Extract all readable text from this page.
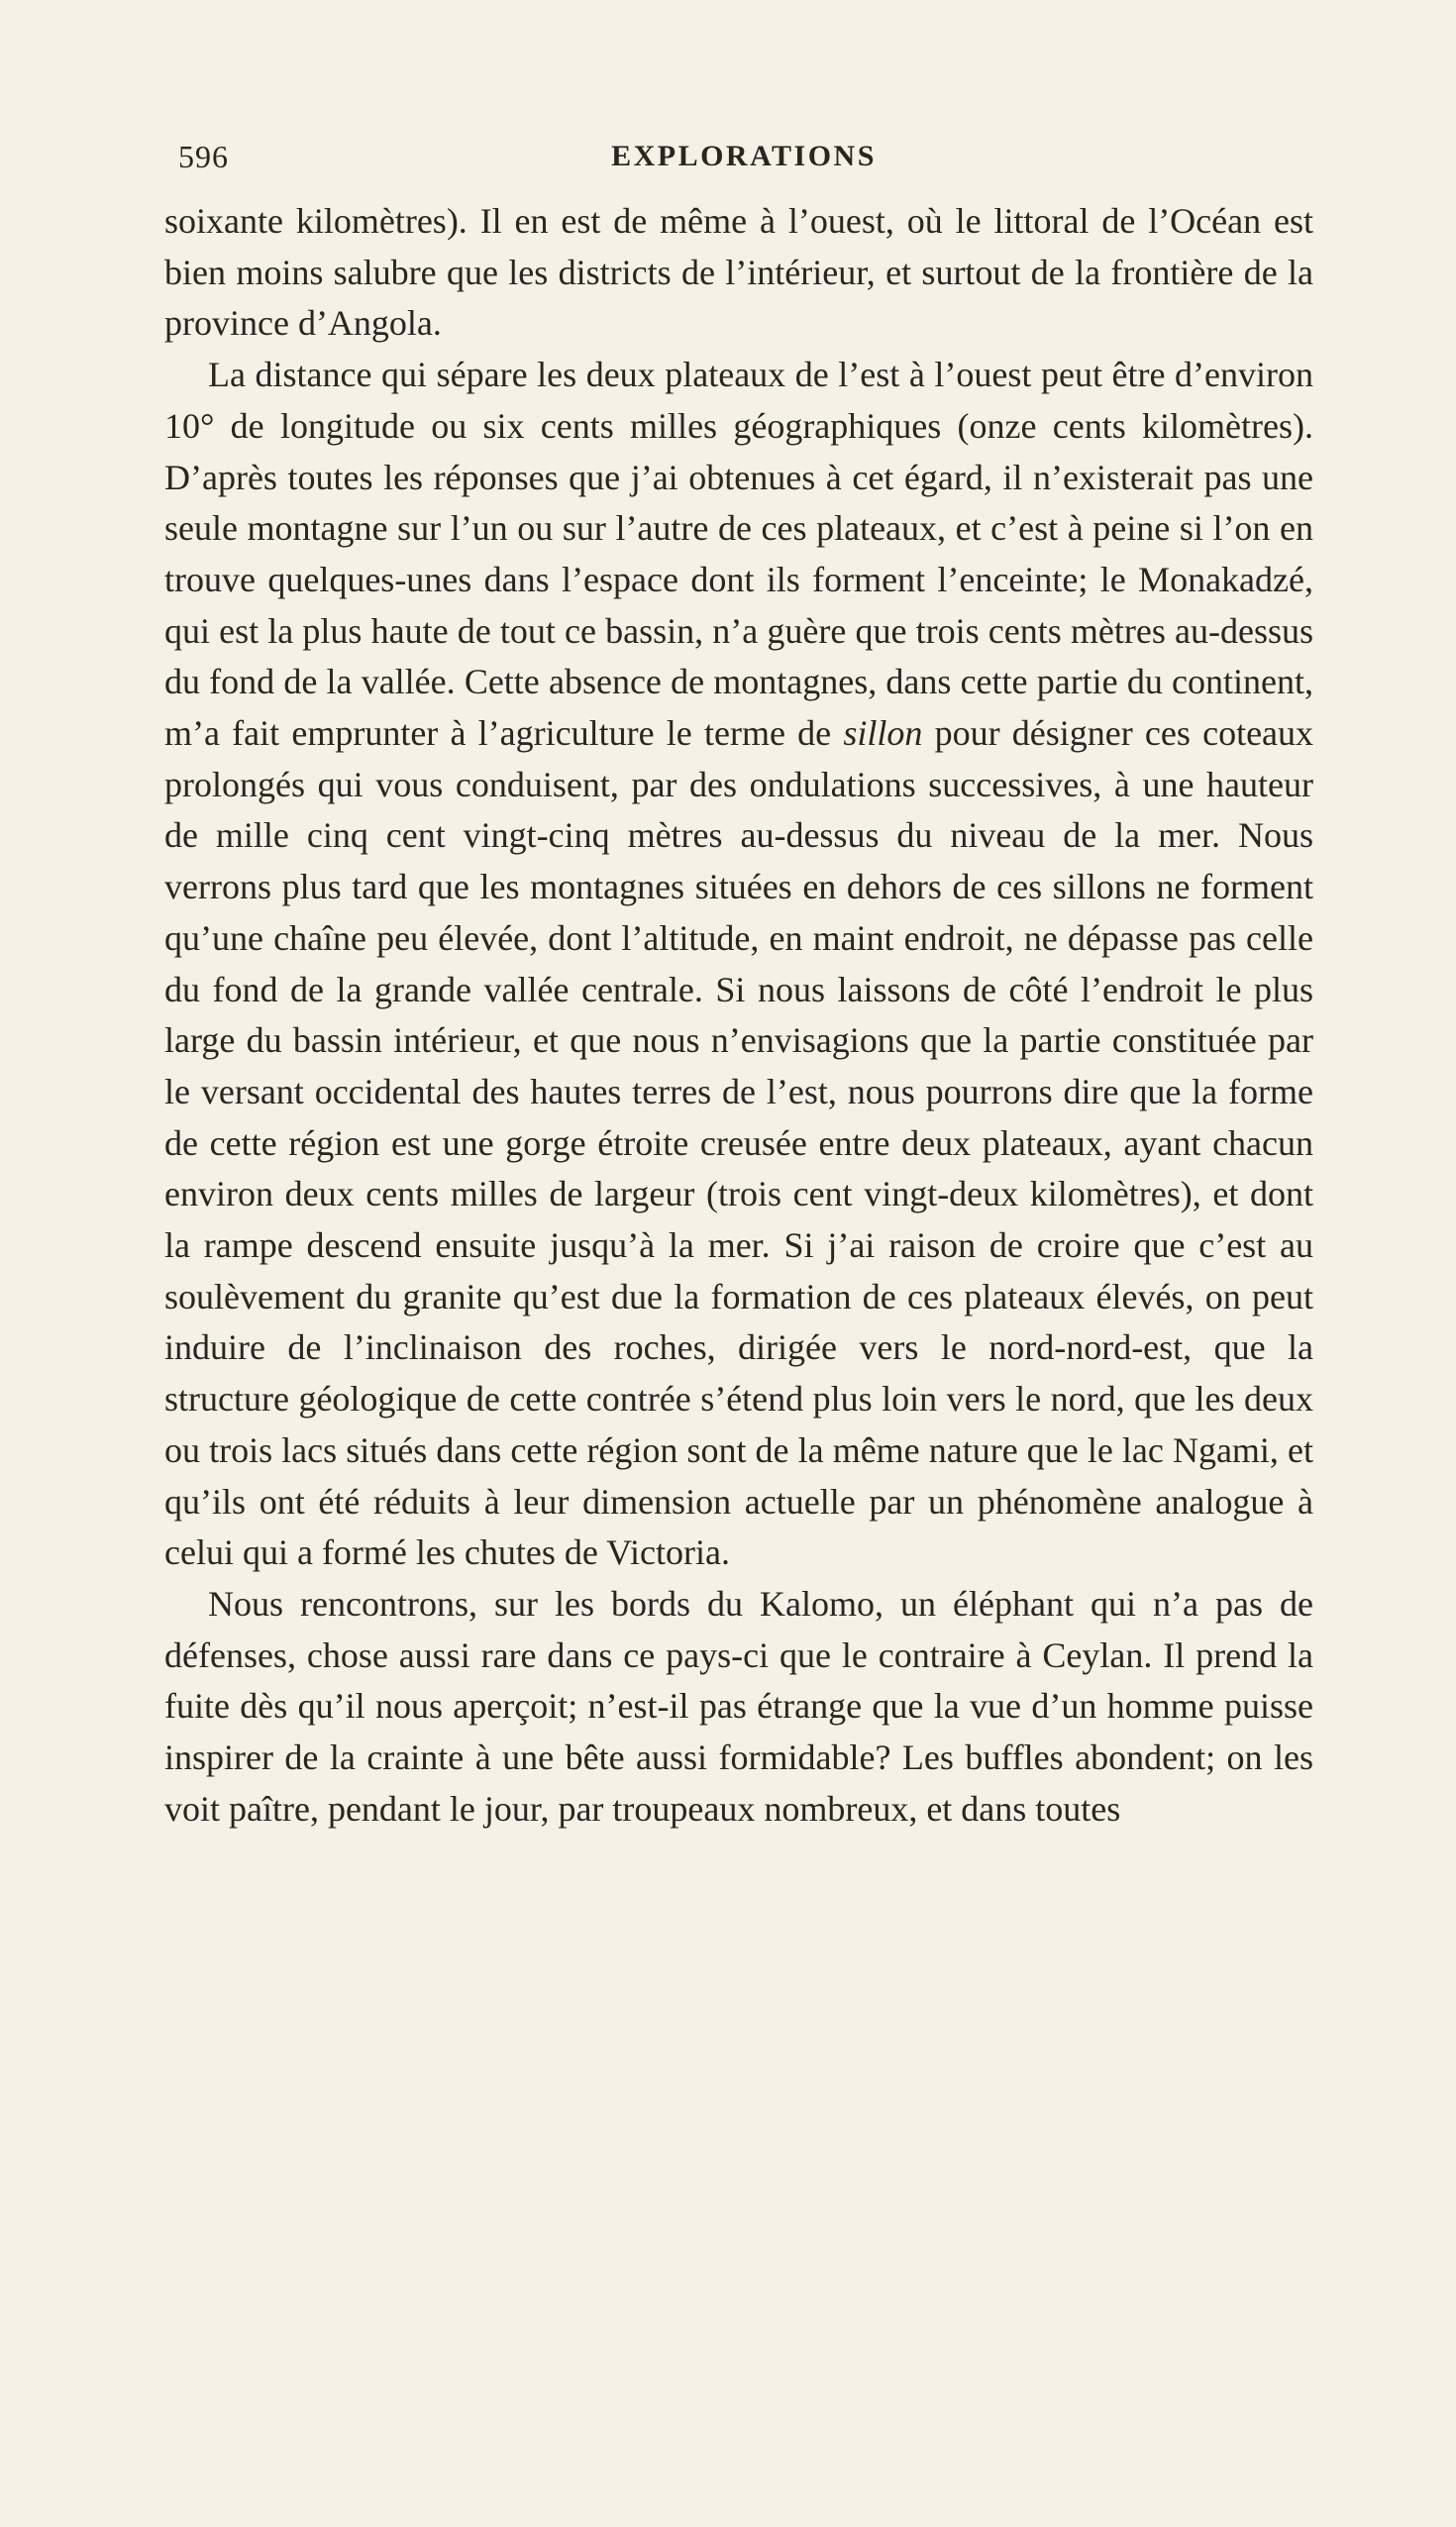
596	EXPLORATIONS

soixante kilomètres). Il en est de même à l’ouest, où le littoral de l’Océan est bien moins salubre que les districts de l’intérieur, et surtout de la frontière de la province d’Angola.

La distance qui sépare les deux plateaux de l’est à l’ouest peut être d’environ 10° de longitude ou six cents milles géographiques (onze cents kilomètres). D’après toutes les réponses que j’ai obtenues à cet égard, il n’existerait pas une seule montagne sur l’un ou sur l’autre de ces plateaux, et c’est à peine si l’on en trouve quelques-unes dans l’espace dont ils forment l’enceinte; le Monakadzé, qui est la plus haute de tout ce bassin, n’a guère que trois cents mètres au-dessus du fond de la vallée. Cette absence de montagnes, dans cette partie du continent, m’a fait emprunter à l’agriculture le terme de sillon pour désigner ces coteaux prolongés qui vous conduisent, par des ondulations successives, à une hauteur de mille cinq cent vingt-cinq mètres au-dessus du niveau de la mer. Nous verrons plus tard que les montagnes situées en dehors de ces sillons ne forment qu’une chaîne peu élevée, dont l’altitude, en maint endroit, ne dépasse pas celle du fond de la grande vallée centrale. Si nous laissons de côté l’endroit le plus large du bassin intérieur, et que nous n’envisagions que la partie constituée par le versant occidental des hautes terres de l’est, nous pourrons dire que la forme de cette région est une gorge étroite creusée entre deux plateaux, ayant chacun environ deux cents milles de largeur (trois cent vingt-deux kilomètres), et dont la rampe descend ensuite jusqu’à la mer. Si j’ai raison de croire que c’est au soulèvement du granite qu’est due la formation de ces plateaux élevés, on peut induire de l’inclinaison des roches, dirigée vers le nord-nord-est, que la structure géologique de cette contrée s’étend plus loin vers le nord, que les deux ou trois lacs situés dans cette région sont de la même nature que le lac Ngami, et qu’ils ont été réduits à leur dimension actuelle par un phénomène analogue à celui qui a formé les chutes de Victoria.

Nous rencontrons, sur les bords du Kalomo, un éléphant qui n’a pas de défenses, chose aussi rare dans ce pays-ci que le contraire à Ceylan. Il prend la fuite dès qu’il nous aperçoit; n’est-il pas étrange que la vue d’un homme puisse inspirer de la crainte à une bête aussi formidable? Les buffles abondent; on les voit paître, pendant le jour, par troupeaux nombreux, et dans toutes
